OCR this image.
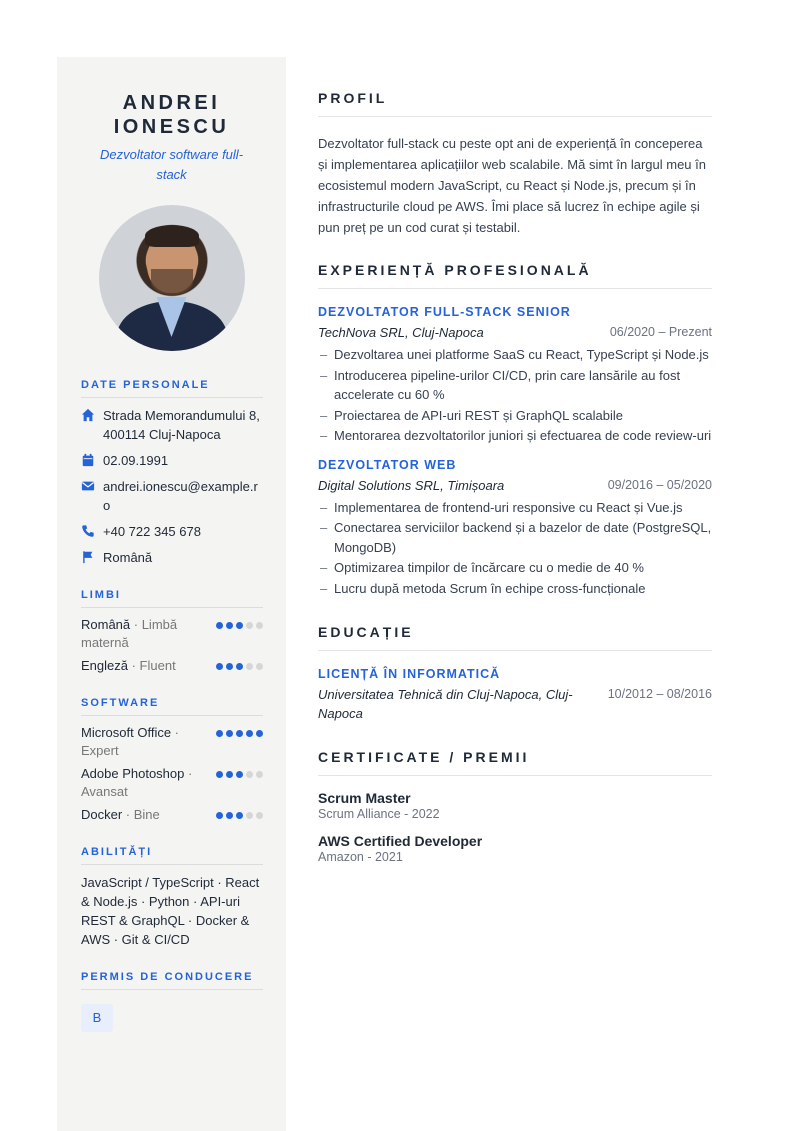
ANDREI IONESCU
Dezvoltator software full-stack
DATE PERSONALE
Strada Memorandumului 8, 400114 Cluj-Napoca
02.09.1991
andrei.ionescu@example.ro
+40 722 345 678
Română
LIMBI
Română · Limbă maternă
Engleză · Fluent
SOFTWARE
Microsoft Office · Expert
Adobe Photoshop · Avansat
Docker · Bine
ABILITĂȚI
JavaScript / TypeScript · React & Node.js · Python · API-uri REST & GraphQL · Docker & AWS · Git & CI/CD
PERMIS DE CONDUCERE
B
PROFIL
Dezvoltator full-stack cu peste opt ani de experiență în conceperea și implementarea aplicațiilor web scalabile. Mă simt în largul meu în ecosistemul modern JavaScript, cu React și Node.js, precum și în infrastructurile cloud pe AWS. Îmi place să lucrez în echipe agile și pun preț pe un cod curat și testabil.
EXPERIENȚĂ PROFESIONALĂ
DEZVOLTATOR FULL-STACK SENIOR
TechNova SRL, Cluj-Napoca	06/2020 – Prezent
– Dezvoltarea unei platforme SaaS cu React, TypeScript și Node.js
– Introducerea pipeline-urilor CI/CD, prin care lansările au fost accelerate cu 60 %
– Proiectarea de API-uri REST și GraphQL scalabile
– Mentorarea dezvoltatorilor juniori și efectuarea de code review-uri
DEZVOLTATOR WEB
Digital Solutions SRL, Timișoara	09/2016 – 05/2020
– Implementarea de frontend-uri responsive cu React și Vue.js
– Conectarea serviciilor backend și a bazelor de date (PostgreSQL, MongoDB)
– Optimizarea timpilor de încărcare cu o medie de 40 %
– Lucru după metoda Scrum în echipe cross-funcționale
EDUCAȚIE
LICENȚĂ ÎN INFORMATICĂ
Universitatea Tehnică din Cluj-Napoca, Cluj-Napoca
10/2012 – 08/2016
CERTIFICATE / PREMII
Scrum Master
Scrum Alliance - 2022
AWS Certified Developer
Amazon - 2021
